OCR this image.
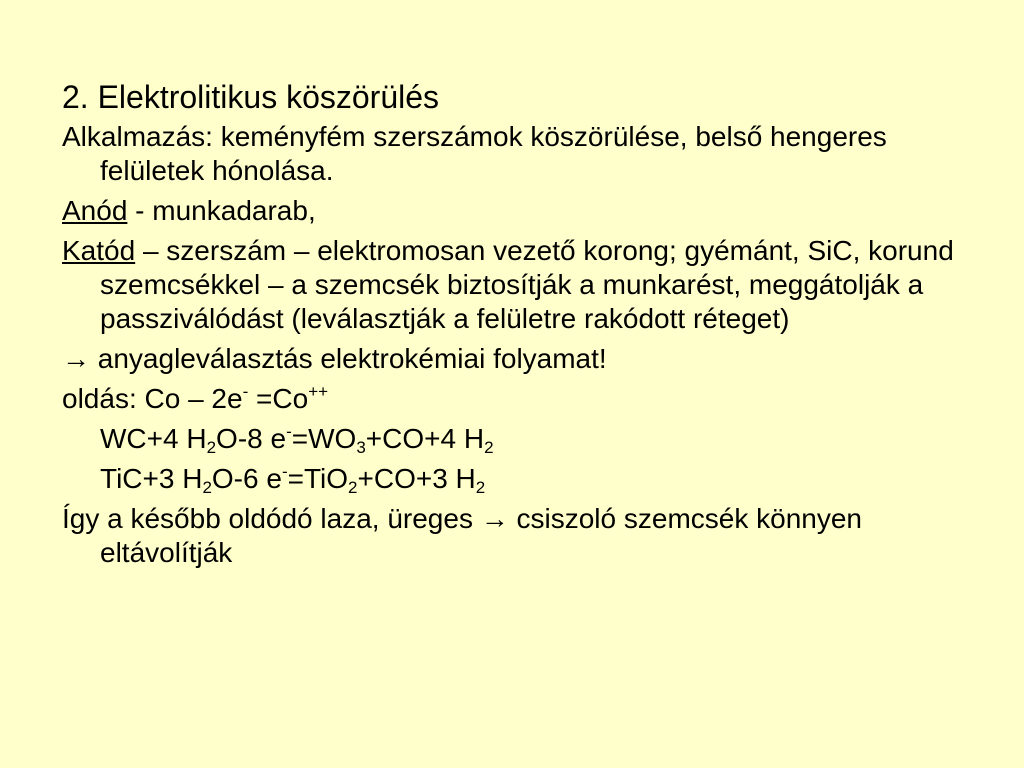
2. Elektrolitikus köszörülés
Alkalmazás: keményfém szerszámok köszörülése, belső hengeres felületek hónolása.
Anód - munkadarab,
Katód – szerszám – elektromosan vezető korong; gyémánt, SiC, korund szemcsékkel – a szemcsék biztosítják a munkarést, meggátolják a passziválódást (leválasztják a felületre rakódott réteget)
→ anyagleválasztás elektrokémiai folyamat!
oldás: Co – 2e- =Co++
WC+4 $H_2O-8$ $e^-=WO_3+CO+4$ $H_2$
TiC+3 $H_2O-6$ e-=TiO$_2$+CO+3 $H_2$
Így a később oldódó laza, üreges → csiszoló szemcsék könnyen eltávolítják
